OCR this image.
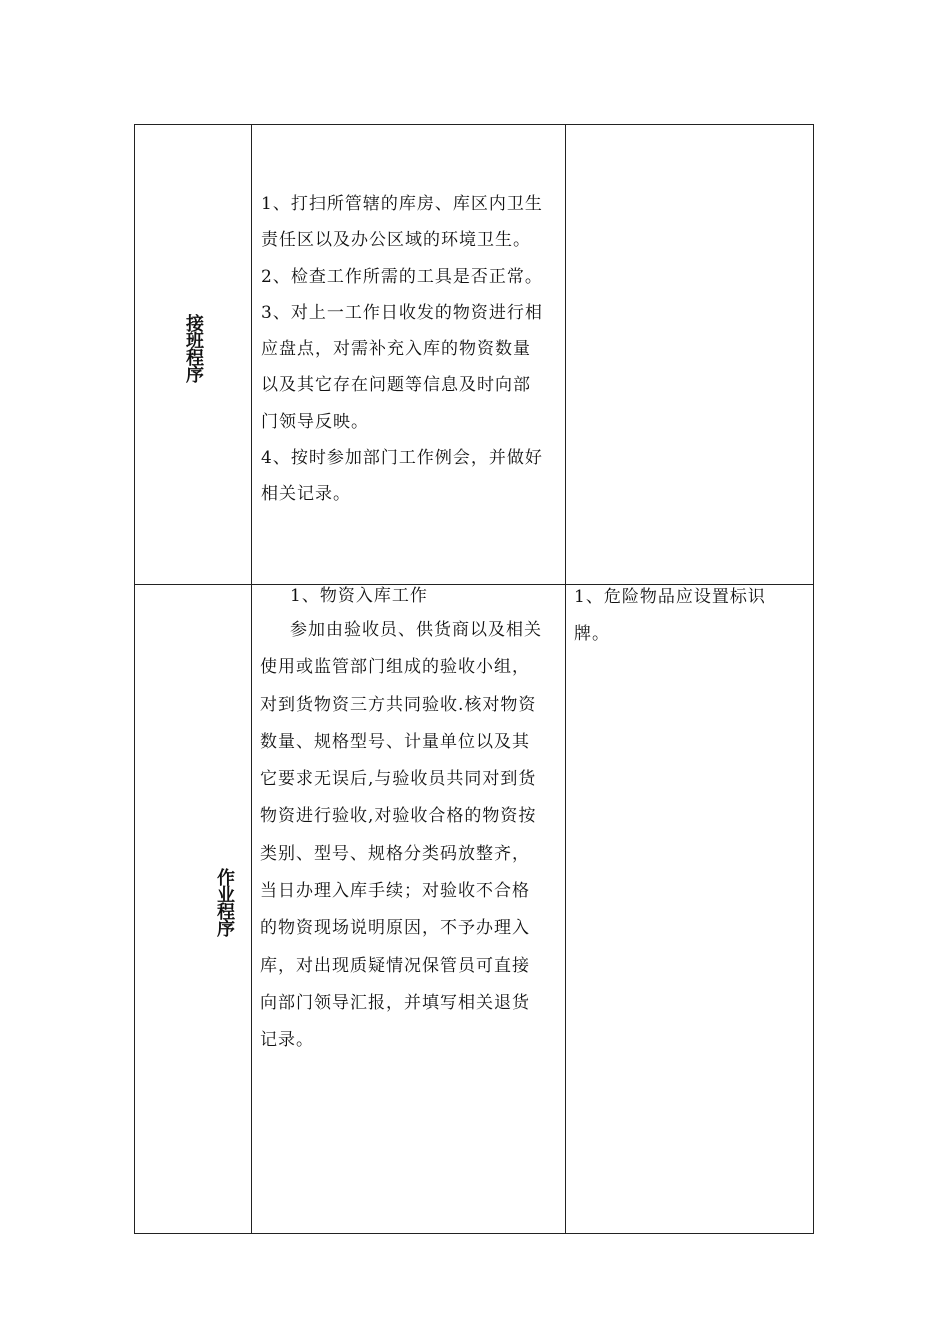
接班程序
1、打扫所管辖的库房、库区内卫生
责任区以及办公区域的环境卫生。
2、检查工作所需的工具是否正常。
3、对上一工作日收发的物资进行相
应盘点，对需补充入库的物资数量
以及其它存在问题等信息及时向部
门领导反映。
4、按时参加部门工作例会，并做好
相关记录。
作业程序
1、物资入库工作
参加由验收员、供货商以及相关
使用或监管部门组成的验收小组，
对到货物资三方共同验收.核对物资
数量、规格型号、计量单位以及其
它要求无误后,与验收员共同对到货
物资进行验收,对验收合格的物资按
类别、型号、规格分类码放整齐，
当日办理入库手续；对验收不合格
的物资现场说明原因，不予办理入
库，对出现质疑情况保管员可直接
向部门领导汇报，并填写相关退货
记录。
1、危险物品应设置标识
牌。
